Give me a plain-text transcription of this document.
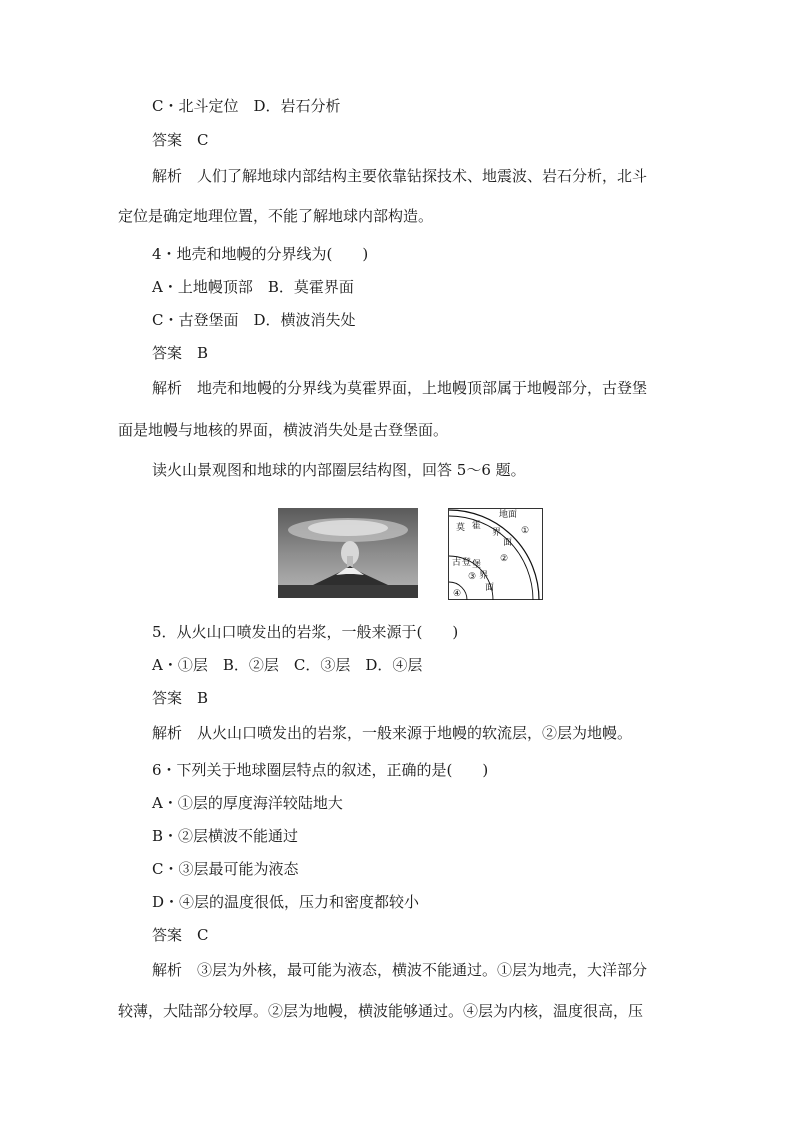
C・北斗定位　D．岩石分析
答案　C
解析　人们了解地球内部结构主要依靠钻探技术、地震波、岩石分析，北斗
定位是确定地理位置，不能了解地球内部构造。
4・地壳和地幔的分界线为(　　)
A・上地幔顶部　B．莫霍界面
C・古登堡面　D．横波消失处
答案　B
解析　地壳和地幔的分界线为莫霍界面，上地幔顶部属于地幔部分，古登堡
面是地幔与地核的界面，横波消失处是古登堡面。
读火山景观图和地球的内部圈层结构图，回答 5～6 题。
地面
莫 霍
界
面
①
②
古 登 堡
界
面
③
④
5．从火山口喷发出的岩浆，一般来源于(　　)
A・①层　B．②层　C．③层　D．④层
答案　B
解析　从火山口喷发出的岩浆，一般来源于地幔的软流层，②层为地幔。
6・下列关于地球圈层特点的叙述，正确的是(　　)
A・①层的厚度海洋较陆地大
B・②层横波不能通过
C・③层最可能为液态
D・④层的温度很低，压力和密度都较小
答案　C
解析　③层为外核，最可能为液态，横波不能通过。①层为地壳，大洋部分
较薄，大陆部分较厚。②层为地幔，横波能够通过。④层为内核，温度很高，压
